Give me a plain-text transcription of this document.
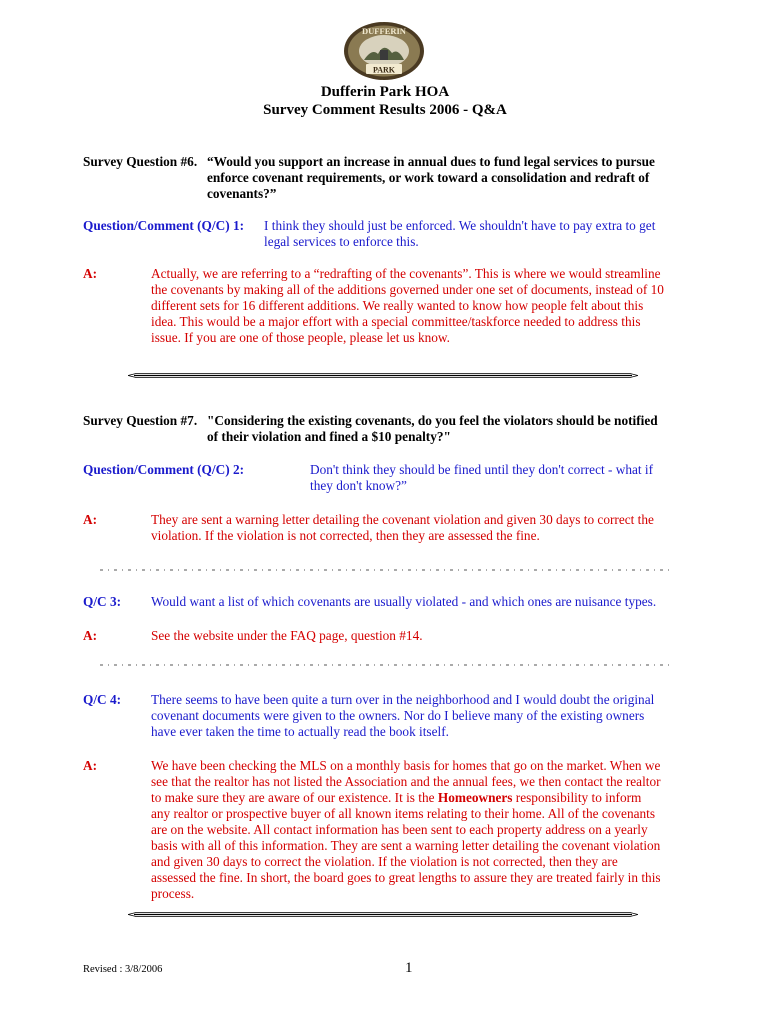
DUFFERIN
PARK
Dufferin Park HOA
Survey Comment Results 2006 - Q&A
Survey Question #6. “Would you support an increase in annual dues to fund legal services to pursue
enforce covenant requirements, or work toward a consolidation and redraft of
covenants?”
Question/Comment (Q/C) 1: I think they should just be enforced. We shouldn't have to pay extra to get
legal services to enforce this.
A:	Actually, we are referring to a “redrafting of the covenants”. This is where we would streamline
the covenants by making all of the additions governed under one set of documents, instead of 10
different sets for 16 different additions. We really wanted to know how people felt about this
idea. This would be a major effort with a special committee/taskforce needed to address this
issue. If you are one of those people, please let us know.
Survey Question #7. "Considering the existing covenants, do you feel the violators should be notified
of their violation and fined a $10 penalty?"
Question/Comment (Q/C) 2:	Don't think they should be fined until they don't correct - what if
they don't know?”
A:	They are sent a warning letter detailing the covenant violation and given 30 days to correct the
violation. If the violation is not corrected, then they are assessed the fine.
Q/C 3: Would want a list of which covenants are usually violated - and which ones are nuisance types.
A:	See the website under the FAQ page, question #14.
Q/C 4: There seems to have been quite a turn over in the neighborhood and I would doubt the original
covenant documents were given to the owners. Nor do I believe many of the existing owners
have ever taken the time to actually read the book itself.
A:	We have been checking the MLS on a monthly basis for homes that go on the market. When we
see that the realtor has not listed the Association and the annual fees, we then contact the realtor
to make sure they are aware of our existence. It is the Homeowners responsibility to inform
any realtor or prospective buyer of all known items relating to their home. All of the covenants
are on the website. All contact information has been sent to each property address on a yearly
basis with all of this information. They are sent a warning letter detailing the covenant violation
and given 30 days to correct the violation. If the violation is not corrected, then they are
assessed the fine. In short, the board goes to great lengths to assure they are treated fairly in this
process.
Revised : 3/8/2006	1
